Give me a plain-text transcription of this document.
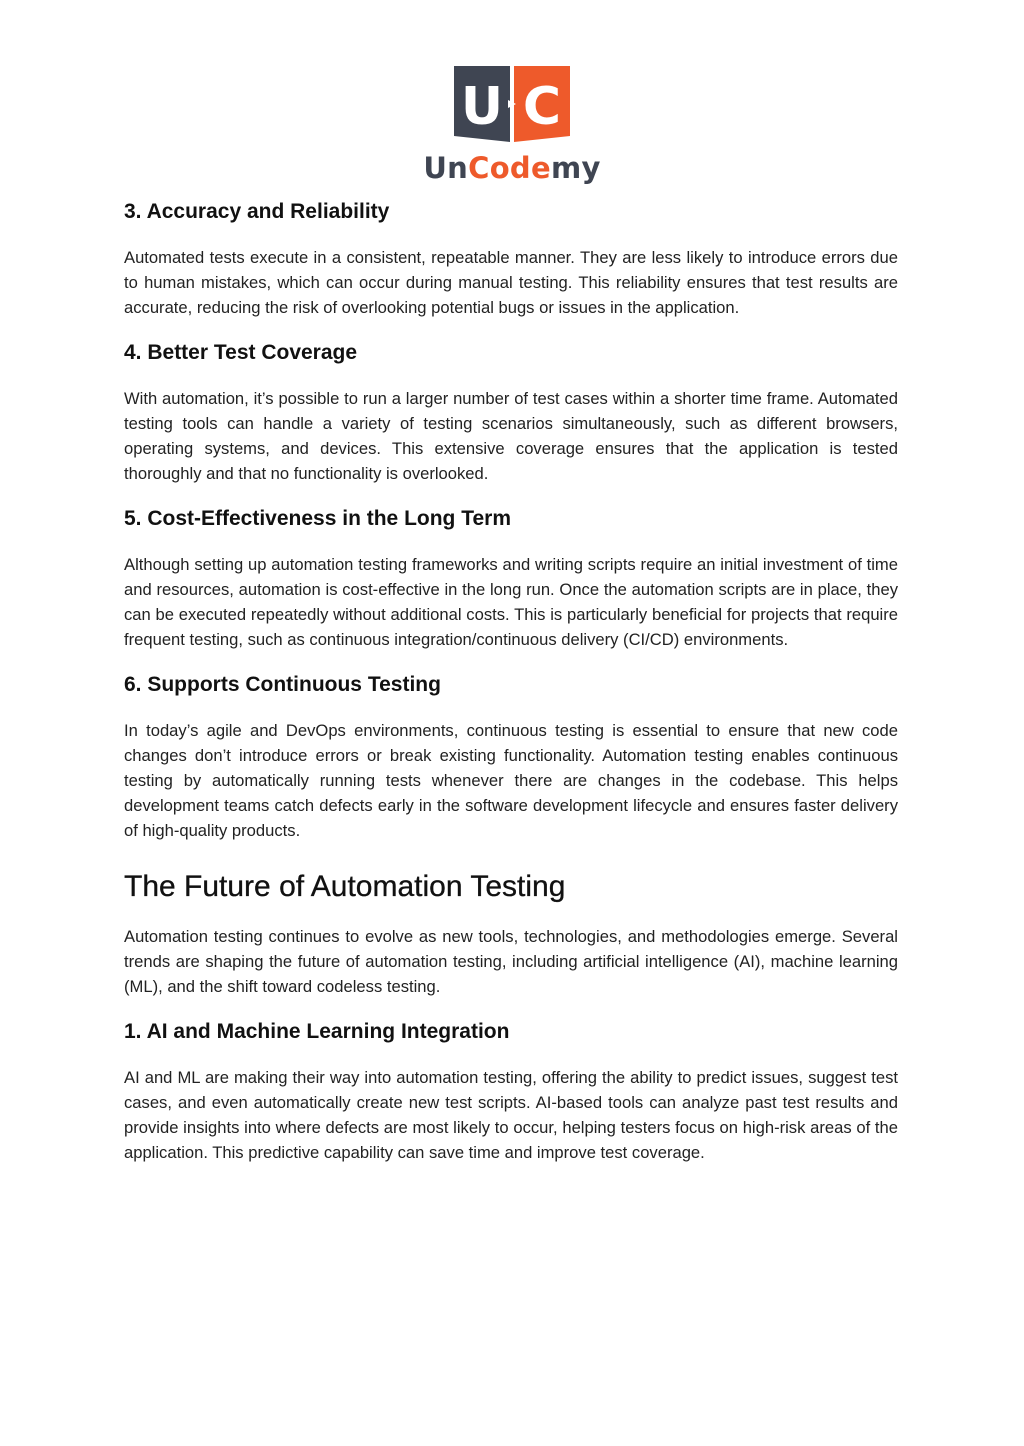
U C
UnCodemy
3. Accuracy and Reliability

Automated tests execute in a consistent, repeatable manner. They are less likely to introduce errors due to human mistakes, which can occur during manual testing. This reliability ensures that test results are accurate, reducing the risk of overlooking potential bugs or issues in the application.

4. Better Test Coverage

With automation, it’s possible to run a larger number of test cases within a shorter time frame. Automated testing tools can handle a variety of testing scenarios simultaneously, such as different browsers, operating systems, and devices. This extensive coverage ensures that the application is tested thoroughly and that no functionality is overlooked.

5. Cost-Effectiveness in the Long Term

Although setting up automation testing frameworks and writing scripts require an initial investment of time and resources, automation is cost-effective in the long run. Once the automation scripts are in place, they can be executed repeatedly without additional costs. This is particularly beneficial for projects that require frequent testing, such as continuous integration/continuous delivery (CI/CD) environments.

6. Supports Continuous Testing

In today’s agile and DevOps environments, continuous testing is essential to ensure that new code changes don’t introduce errors or break existing functionality. Automation testing enables continuous testing by automatically running tests whenever there are changes in the codebase. This helps development teams catch defects early in the software development lifecycle and ensures faster delivery of high-quality products.

The Future of Automation Testing

Automation testing continues to evolve as new tools, technologies, and methodologies emerge. Several trends are shaping the future of automation testing, including artificial intelligence (AI), machine learning (ML), and the shift toward codeless testing.

1. AI and Machine Learning Integration

AI and ML are making their way into automation testing, offering the ability to predict issues, suggest test cases, and even automatically create new test scripts. AI-based tools can analyze past test results and provide insights into where defects are most likely to occur, helping testers focus on high-risk areas of the application. This predictive capability can save time and improve test coverage.
